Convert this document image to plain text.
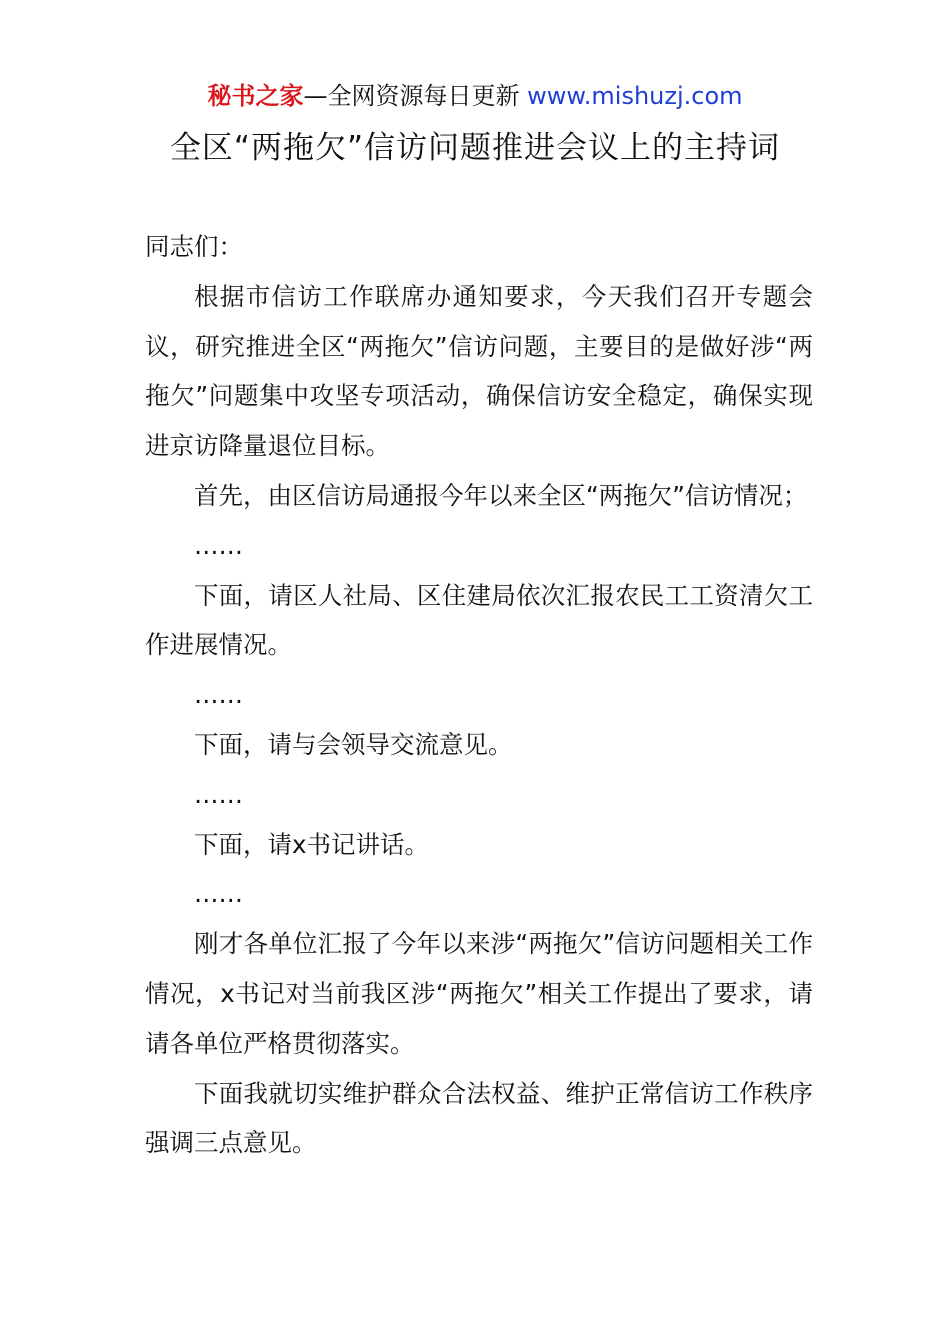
秘书之家—全网资源每日更新 www.mishuzj.com
全区“两拖欠”信访问题推进会议上的主持词

同志们：

根据市信访工作联席办通知要求，今天我们召开专题会议，研究推进全区“两拖欠”信访问题，主要目的是做好涉“两拖欠”问题集中攻坚专项活动，确保信访安全稳定，确保实现进京访降量退位目标。

首先，由区信访局通报今年以来全区“两拖欠”信访情况；

……

下面，请区人社局、区住建局依次汇报农民工工资清欠工作进展情况。

……

下面，请与会领导交流意见。

……

下面，请x书记讲话。

……

刚才各单位汇报了今年以来涉“两拖欠”信访问题相关工作情况，x书记对当前我区涉“两拖欠”相关工作提出了要求，请请各单位严格贯彻落实。

下面我就切实维护群众合法权益、维护正常信访工作秩序强调三点意见。
